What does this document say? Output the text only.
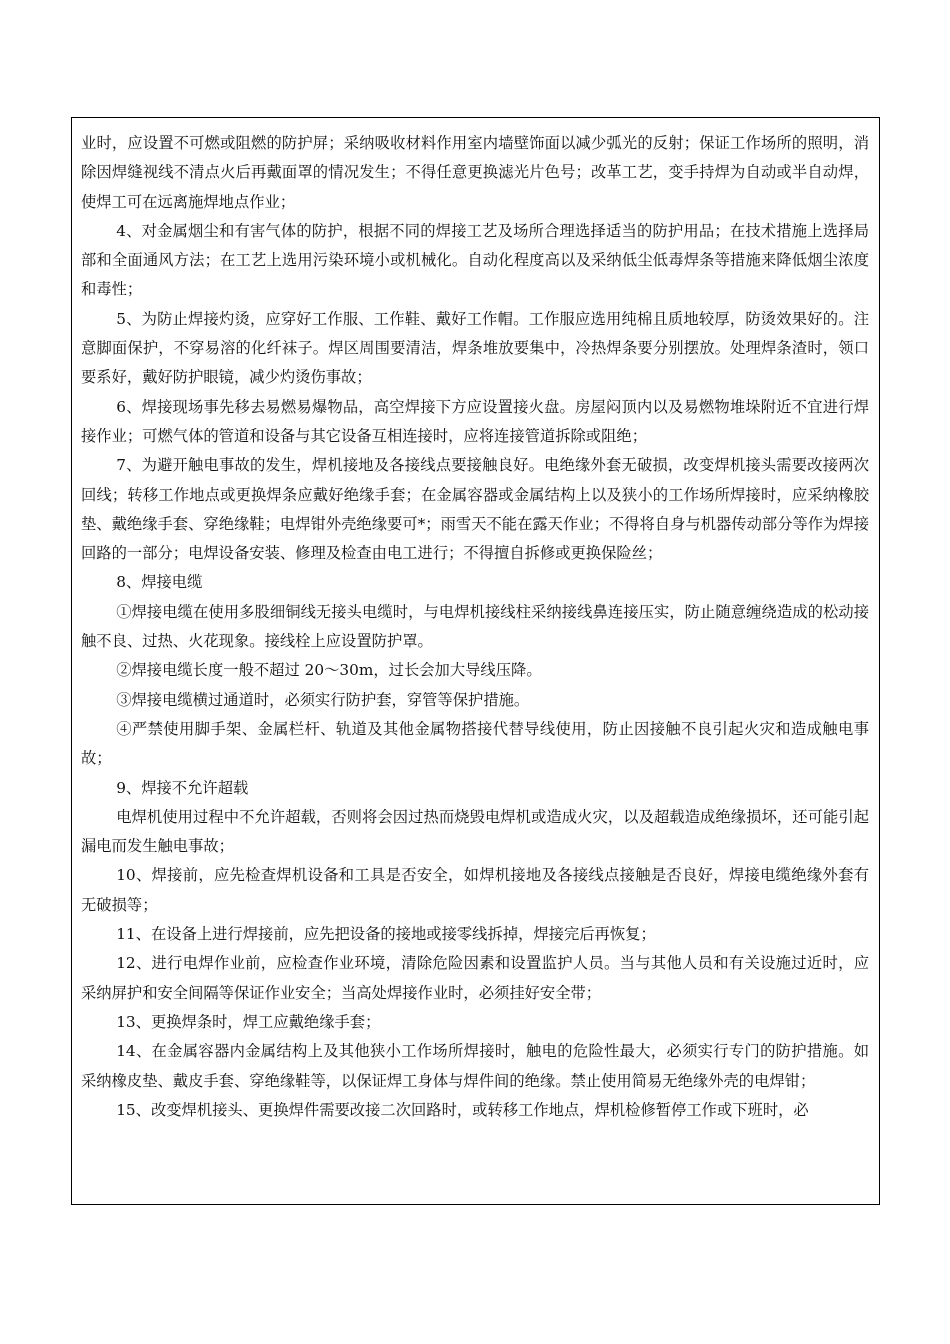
业时，应设置不可燃或阻燃的防护屏；采纳吸收材料作用室内墙壁饰面以减少弧光的反射；保证工作场所的照明，消除因焊缝视线不清点火后再戴面罩的情况发生；不得任意更换滤光片色号；改革工艺，变手持焊为自动或半自动焊，使焊工可在远离施焊地点作业；

4、对金属烟尘和有害气体的防护，根据不同的焊接工艺及场所合理选择适当的防护用品；在技术措施上选择局部和全面通风方法；在工艺上选用污染环境小或机械化。自动化程度高以及采纳低尘低毒焊条等措施来降低烟尘浓度和毒性；

5、为防止焊接灼烫，应穿好工作服、工作鞋、戴好工作帽。工作服应选用纯棉且质地较厚，防烫效果好的。注意脚面保护，不穿易溶的化纤袜子。焊区周围要清洁，焊条堆放要集中，冷热焊条要分别摆放。处理焊条渣时，领口要系好，戴好防护眼镜，减少灼烫伤事故；

6、焊接现场事先移去易燃易爆物品，高空焊接下方应设置接火盘。房屋闷顶内以及易燃物堆垛附近不宜进行焊接作业；可燃气体的管道和设备与其它设备互相连接时，应将连接管道拆除或阻绝；

7、为避开触电事故的发生，焊机接地及各接线点要接触良好。电绝缘外套无破损，改变焊机接头需要改接两次回线；转移工作地点或更换焊条应戴好绝缘手套；在金属容器或金属结构上以及狭小的工作场所焊接时，应采纳橡胶垫、戴绝缘手套、穿绝缘鞋；电焊钳外壳绝缘要可*；雨雪天不能在露天作业；不得将自身与机器传动部分等作为焊接回路的一部分；电焊设备安装、修理及检查由电工进行；不得擅自拆修或更换保险丝；

8、焊接电缆

①焊接电缆在使用多股细铜线无接头电缆时，与电焊机接线柱采纳接线鼻连接压实，防止随意缠绕造成的松动接触不良、过热、火花现象。接线栓上应设置防护罩。

②焊接电缆长度一般不超过 20～30m，过长会加大导线压降。

③焊接电缆横过通道时，必须实行防护套，穿管等保护措施。

④严禁使用脚手架、金属栏杆、轨道及其他金属物搭接代替导线使用，防止因接触不良引起火灾和造成触电事故；

9、焊接不允许超载

电焊机使用过程中不允许超载，否则将会因过热而烧毁电焊机或造成火灾，以及超载造成绝缘损坏，还可能引起漏电而发生触电事故；

10、焊接前，应先检查焊机设备和工具是否安全，如焊机接地及各接线点接触是否良好，焊接电缆绝缘外套有无破损等；

11、在设备上进行焊接前，应先把设备的接地或接零线拆掉，焊接完后再恢复；

12、进行电焊作业前，应检查作业环境，清除危险因素和设置监护人员。当与其他人员和有关设施过近时，应采纳屏护和安全间隔等保证作业安全；当高处焊接作业时，必须挂好安全带；

13、更换焊条时，焊工应戴绝缘手套；

14、在金属容器内金属结构上及其他狭小工作场所焊接时，触电的危险性最大，必须实行专门的防护措施。如采纳橡皮垫、戴皮手套、穿绝缘鞋等，以保证焊工身体与焊件间的绝缘。禁止使用简易无绝缘外壳的电焊钳；

15、改变焊机接头、更换焊件需要改接二次回路时，或转移工作地点，焊机检修暂停工作或下班时，必
